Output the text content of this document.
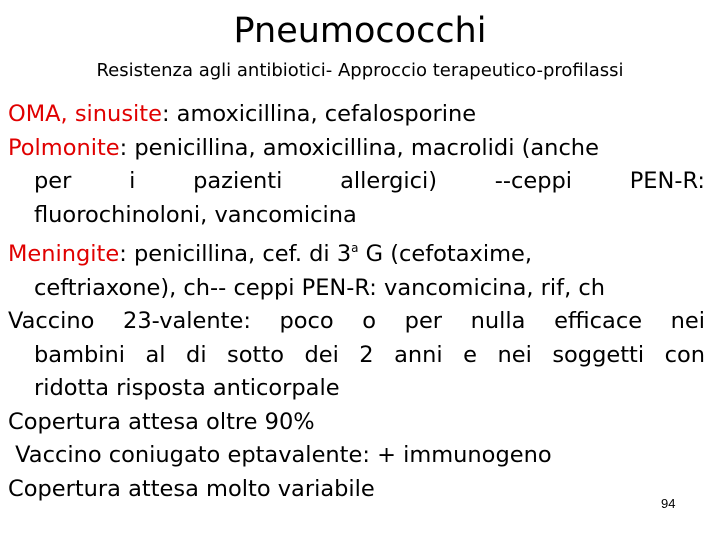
Pneumococchi
Resistenza agli antibiotici- Approccio terapeutico-profilassi
OMA, sinusite: amoxicillina, cefalosporine
Polmonite: penicillina, amoxicillina, macrolidi (anche
per i pazienti allergici) --ceppi PEN-R:
fluorochinoloni, vancomicina
Meningite: penicillina, cef. di 3$^a$ G (cefotaxime,
ceftriaxone), ch-- ceppi PEN-R: vancomicina, rif, ch
Vaccino 23-valente: poco o per nulla efficace nei
bambini al di sotto dei 2 anni e nei soggetti con
ridotta risposta anticorpale
Copertura attesa oltre 90%
Vaccino coniugato eptavalente: + immunogeno
Copertura attesa molto variabile
94
